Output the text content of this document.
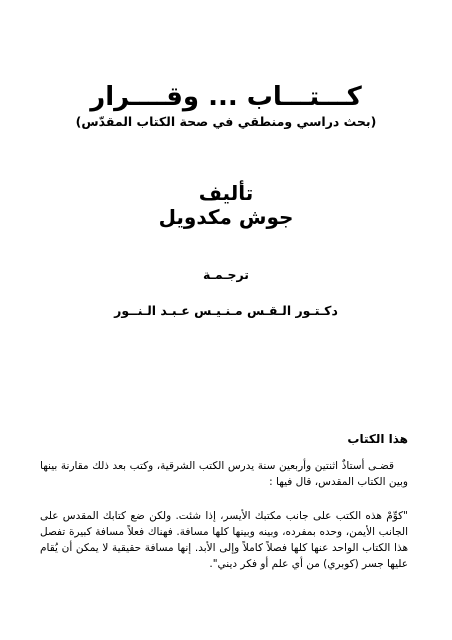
كـــتـــاب ... وقــــرار
(بحث دراسي ومنطقي في صحة الكتاب المقدّس)
تأليف
جوش مكدويل
ترجـمـة
دكـتـور الـقـس مـنـيـس عـبـد الـنــور
هذا الكتاب
قضـى أستاذٌ اثنتين وأربعين سنة يدرس الكتب الشرقية، وكتب بعد ذلك مقارنة بينها وبين الكتاب المقدس، قال فيها :
"كوِّمْ هذه الكتب على جانب مكتبك الأيسر، إذا شئت. ولكن ضع كتابك المقدس على الجانب الأيمن، وحده بمفرده، وبينه وبينها كلها مسافة. فهناك فعلاً مسافة كبيرة تفصل هذا الكتاب الواحد عنها كلها فصلاً كاملاً وإلى الأبد. إنها مسافة حقيقية لا يمكن أن يُقام عليها جسر (كوبري) من أي علم أو فكر ديني".
